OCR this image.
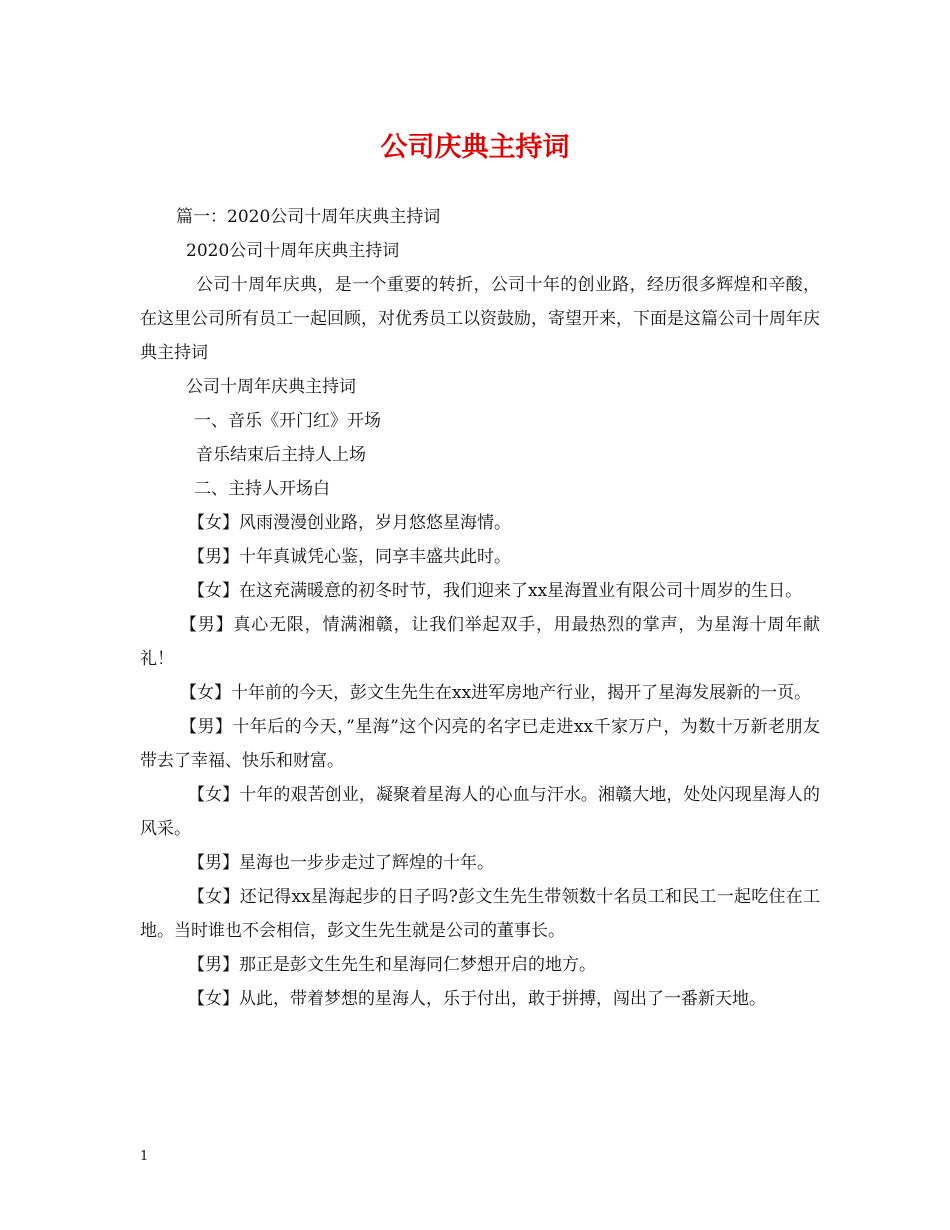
公司庆典主持词

篇一：2020公司十周年庆典主持词

2020公司十周年庆典主持词

公司十周年庆典，是一个重要的转折，公司十年的创业路，经历很多辉煌和辛酸，在这里公司所有员工一起回顾，对优秀员工以资鼓励，寄望开来，下面是这篇公司十周年庆典主持词

公司十周年庆典主持词

一、音乐《开门红》开场

音乐结束后主持人上场

二、主持人开场白

【女】风雨漫漫创业路，岁月悠悠星海情。

【男】十年真诚凭心鉴，同享丰盛共此时。

【女】在这充满暖意的初冬时节，我们迎来了xx星海置业有限公司十周岁的生日。

【男】真心无限，情满湘赣，让我们举起双手，用最热烈的掌声，为星海十周年献礼！

【女】十年前的今天，彭文生先生在xx进军房地产行业，揭开了星海发展新的一页。

【男】十年后的今天，”星海”这个闪亮的名字已走进xx千家万户，为数十万新老朋友带去了幸福、快乐和财富。

【女】十年的艰苦创业，凝聚着星海人的心血与汗水。湘赣大地，处处闪现星海人的风采。

【男】星海也一步步走过了辉煌的十年。

【女】还记得xx星海起步的日子吗?彭文生先生带领数十名员工和民工一起吃住在工地。当时谁也不会相信，彭文生先生就是公司的董事长。

【男】那正是彭文生先生和星海同仁梦想开启的地方。

【女】从此，带着梦想的星海人，乐于付出，敢于拼搏，闯出了一番新天地。

1
